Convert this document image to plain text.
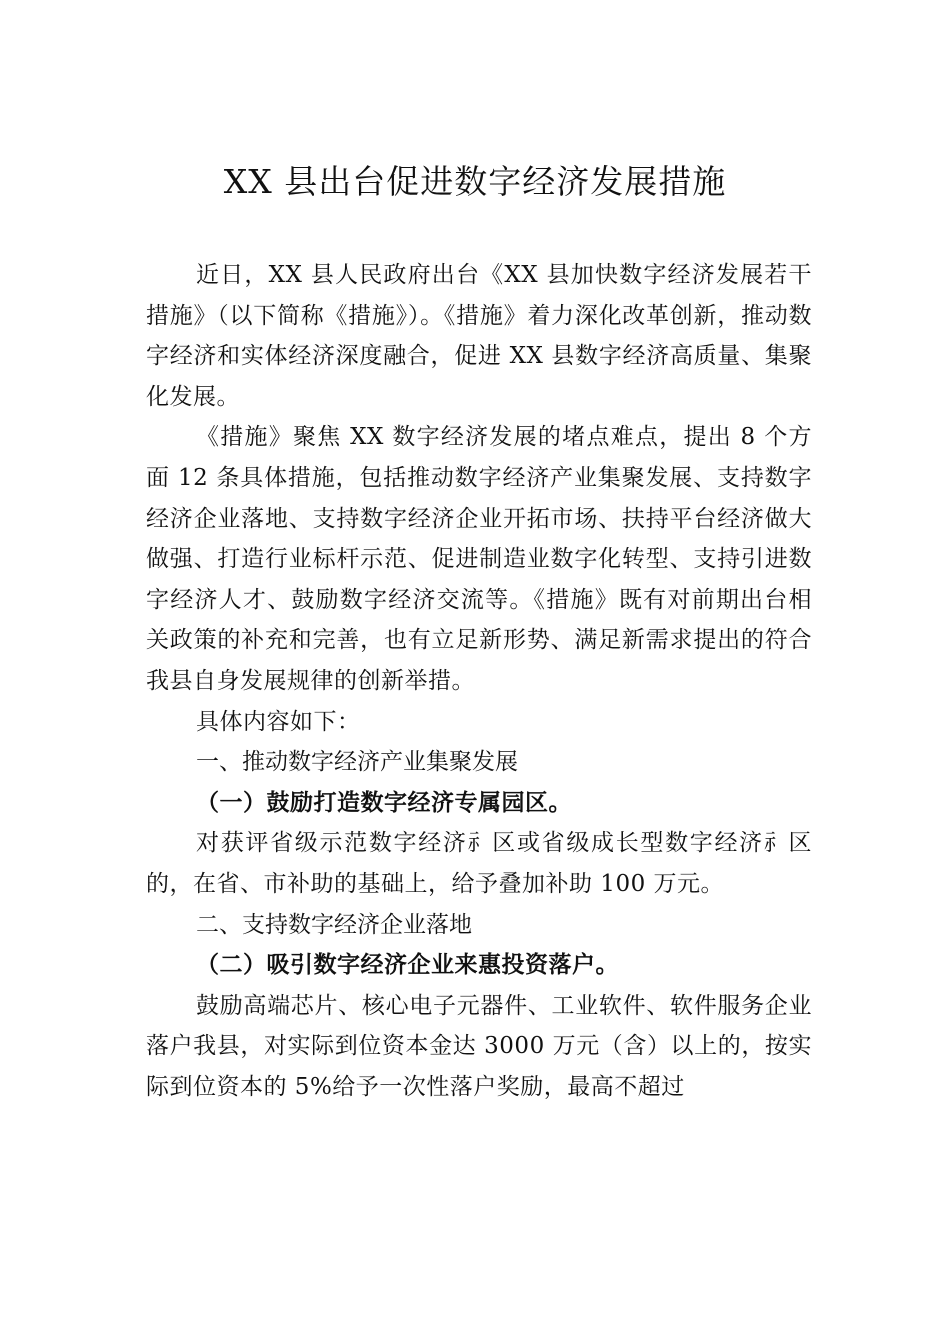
XX 县出台促进数字经济发展措施

近日，XX 县人民政府出台《XX 县加快数字经济发展若干措施》（以下简称《措施》）。《措施》着力深化改革创新，推动数字经济和实体经济深度融合，促进 XX 县数字经济高质量、集聚化发展。

《措施》聚焦 XX 数字经济发展的堵点难点，提出 8 个方面 12 条具体措施，包括推动数字经济产业集聚发展、支持数字经济企业落地、支持数字经济企业开拓市场、扶持平台经济做大做强、打造行业标杆示范、促进制造业数字化转型、支持引进数字经济人才、鼓励数字经济交流等。《措施》既有对前期出台相关政策的补充和完善，也有立足新形势、满足新需求提出的符合我县自身发展规律的创新举措。

具体内容如下：

一、推动数字经济产业集聚发展

（一）鼓励打造数字经济专属园区。

对获评省级示范数字经济⺬区或省级成长型数字经济⺬区的，在省、市补助的基础上，给予叠加补助 100 万元。

二、支持数字经济企业落地

（二）吸引数字经济企业来惠投资落户。

鼓励高端芯片、核心电子元器件、工业软件、软件服务企业落户我县，对实际到位资本金达 3000 万元（含）以上的，按实际到位资本的 5%给予一次性落户奖励，最高不超过
